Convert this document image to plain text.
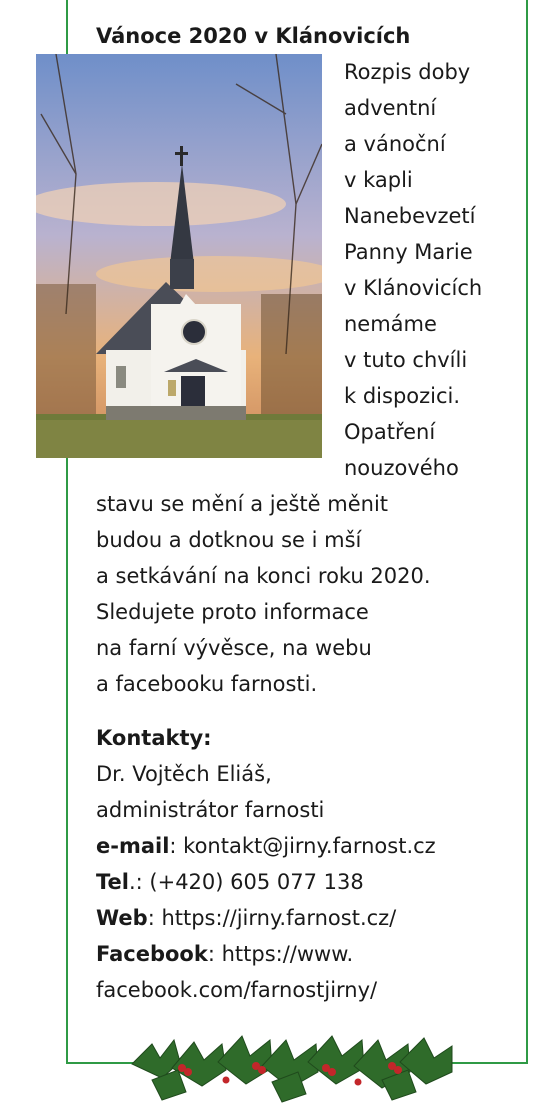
Vánoce 2020 v Klánovicích

Rozpis doby
adventní
a vánoční
v kapli
Nanebevzetí
Panny Marie
v Klánovicích
nemáme
v tuto chvíli
k dispozici.
Opatření
nouzového
stavu se mění a ještě měnit
budou a dotknou se i mší
a setkávání na konci roku 2020.
Sledujete proto informace
na farní vývěsce, na webu
a facebooku farnosti.
Kontakty:
Dr. Vojtěch Eliáš,
administrátor farnosti
e-mail: kontakt@jirny.farnost.cz
Tel.: (+420) 605 077 138
Web: https://jirny.farnost.cz/
Facebook: https://www.
facebook.com/farnostjirny/
